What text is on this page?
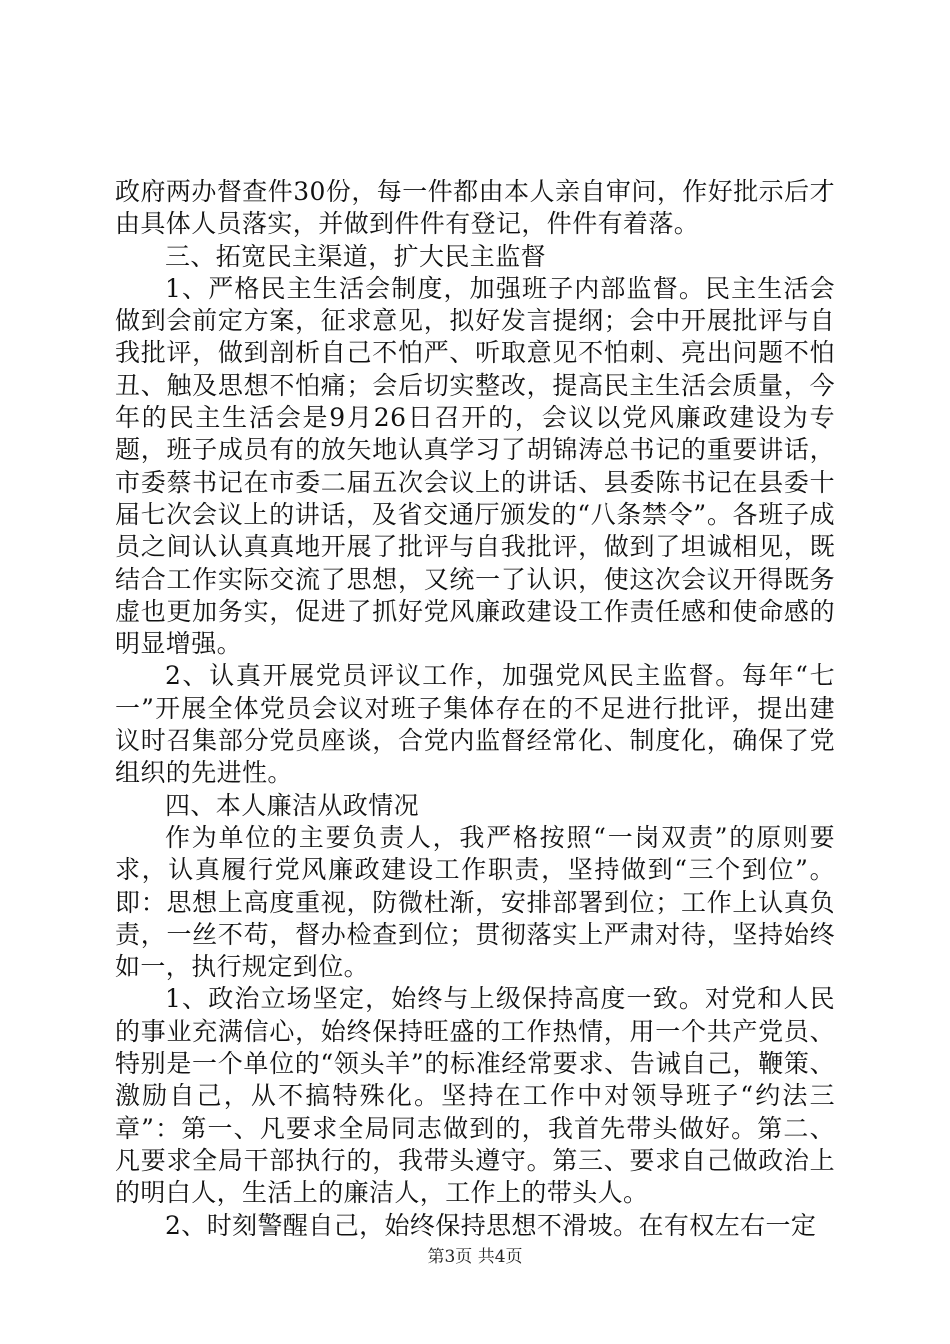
政府两办督查件30份，每一件都由本人亲自审问，作好批示后才由具体人员落实，并做到件件有登记，件件有着落。

三、拓宽民主渠道，扩大民主监督

1、严格民主生活会制度，加强班子内部监督。民主生活会做到会前定方案，征求意见，拟好发言提纲；会中开展批评与自我批评，做到剖析自己不怕严、听取意见不怕刺、亮出问题不怕丑、触及思想不怕痛；会后切实整改，提高民主生活会质量，今年的民主生活会是9月26日召开的，会议以党风廉政建设为专题，班子成员有的放矢地认真学习了胡锦涛总书记的重要讲话，市委蔡书记在市委二届五次会议上的讲话、县委陈书记在县委十届七次会议上的讲话，及省交通厅颁发的“八条禁令”。各班子成员之间认认真真地开展了批评与自我批评，做到了坦诚相见，既结合工作实际交流了思想，又统一了认识，使这次会议开得既务虚也更加务实，促进了抓好党风廉政建设工作责任感和使命感的明显增强。

2、认真开展党员评议工作，加强党风民主监督。每年“七一”开展全体党员会议对班子集体存在的不足进行批评，提出建议时召集部分党员座谈，合党内监督经常化、制度化，确保了党组织的先进性。

四、本人廉洁从政情况

作为单位的主要负责人，我严格按照“一岗双责”的原则要求，认真履行党风廉政建设工作职责，坚持做到“三个到位”。即：思想上高度重视，防微杜渐，安排部署到位；工作上认真负责，一丝不苟，督办检查到位；贯彻落实上严肃对待，坚持始终如一，执行规定到位。

1、政治立场坚定，始终与上级保持高度一致。对党和人民的事业充满信心，始终保持旺盛的工作热情，用一个共产党员、特别是一个单位的“领头羊”的标准经常要求、告诫自己，鞭策、激励自己，从不搞特殊化。坚持在工作中对领导班子“约法三章”：第一、凡要求全局同志做到的，我首先带头做好。第二、凡要求全局干部执行的，我带头遵守。第三、要求自己做政治上的明白人，生活上的廉洁人，工作上的带头人。

2、时刻警醒自己，始终保持思想不滑坡。在有权左右一定

第3页 共4页
